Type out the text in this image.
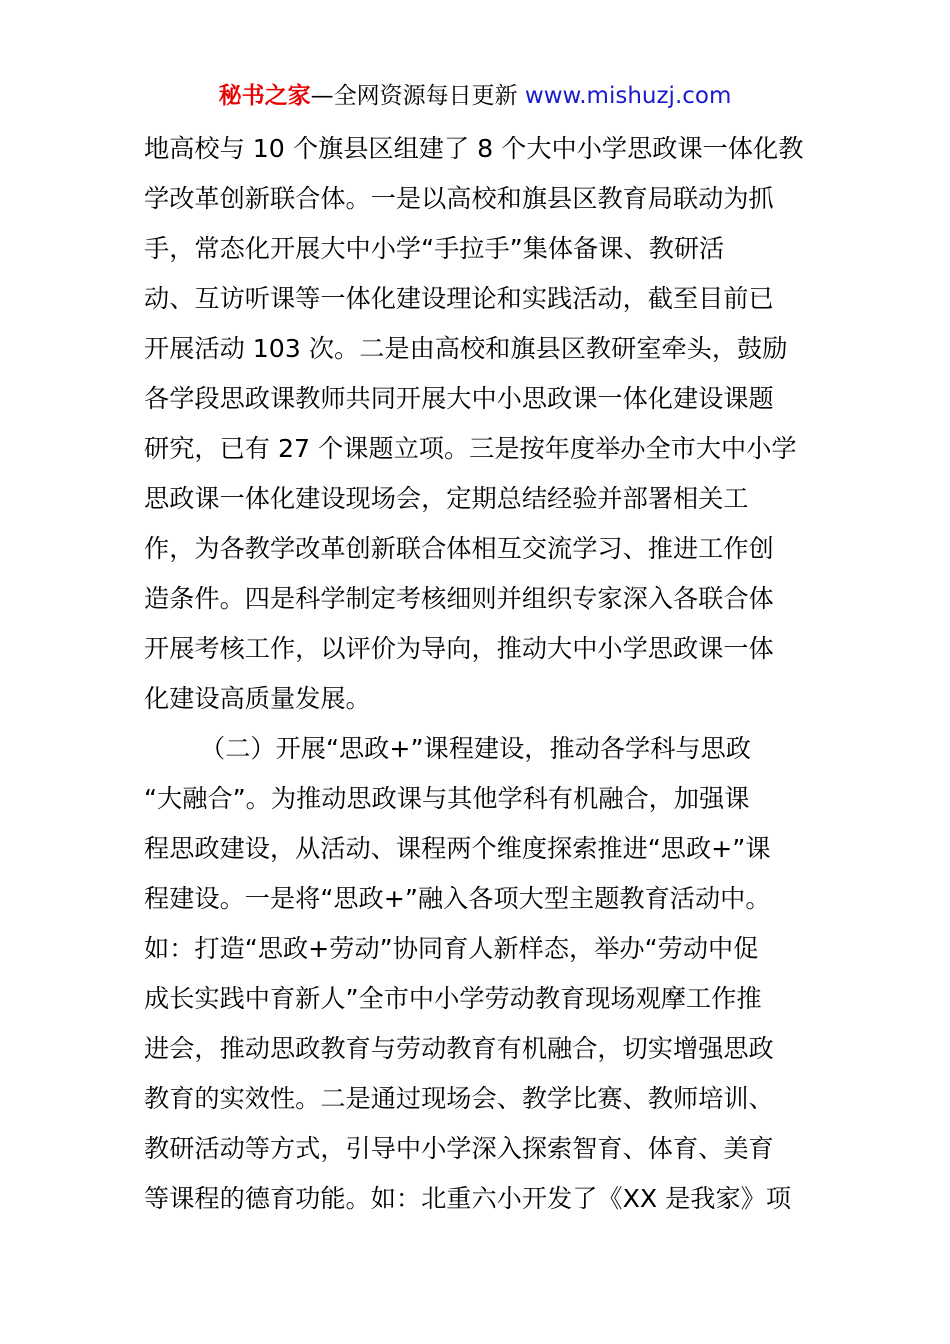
秘书之家—全网资源每日更新 www.mishuzj.com
地高校与 10 个旗县区组建了 8 个大中小学思政课一体化教
学改革创新联合体。一是以高校和旗县区教育局联动为抓
手，常态化开展大中小学“手拉手”集体备课、教研活
动、互访听课等一体化建设理论和实践活动，截至目前已
开展活动 103 次。二是由高校和旗县区教研室牵头，鼓励
各学段思政课教师共同开展大中小思政课一体化建设课题
研究，已有 27 个课题立项。三是按年度举办全市大中小学
思政课一体化建设现场会，定期总结经验并部署相关工
作，为各教学改革创新联合体相互交流学习、推进工作创
造条件。四是科学制定考核细则并组织专家深入各联合体
开展考核工作，以评价为导向，推动大中小学思政课一体
化建设高质量发展。
（二）开展“思政+”课程建设，推动各学科与思政
“大融合”。为推动思政课与其他学科有机融合，加强课
程思政建设，从活动、课程两个维度探索推进“思政+”课
程建设。一是将“思政+”融入各项大型主题教育活动中。
如：打造“思政+劳动”协同育人新样态，举办“劳动中促
成长实践中育新人”全市中小学劳动教育现场观摩工作推
进会，推动思政教育与劳动教育有机融合，切实增强思政
教育的实效性。二是通过现场会、教学比赛、教师培训、
教研活动等方式，引导中小学深入探索智育、体育、美育
等课程的德育功能。如：北重六小开发了《XX 是我家》项
